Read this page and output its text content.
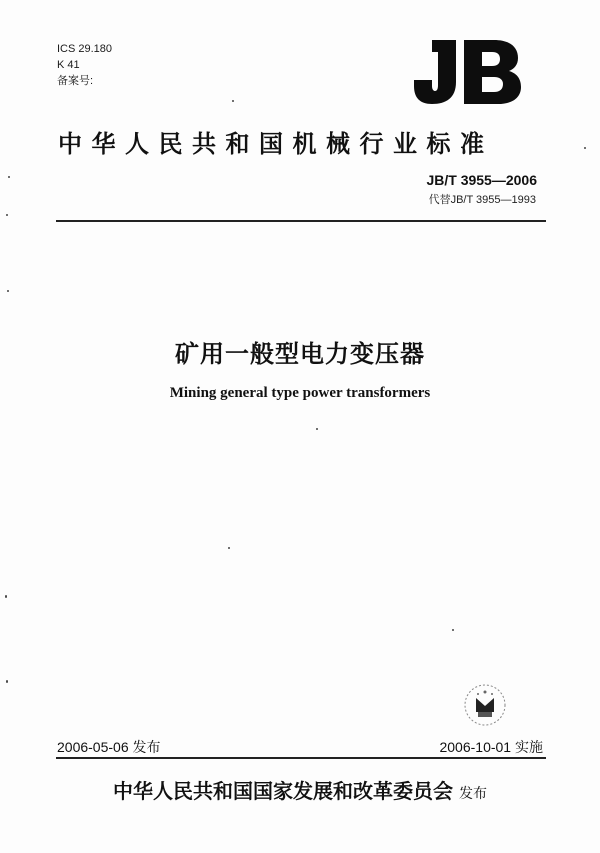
ICS 29.180
K 41
备案号:
中华人民共和国机械行业标准
JB/T 3955—2006
代替JB/T 3955—1993
矿用一般型电力变压器
Mining general type power transformers
2006-05-06 发布	2006-10-01 实施
中华人民共和国国家发展和改革委员会 发布
